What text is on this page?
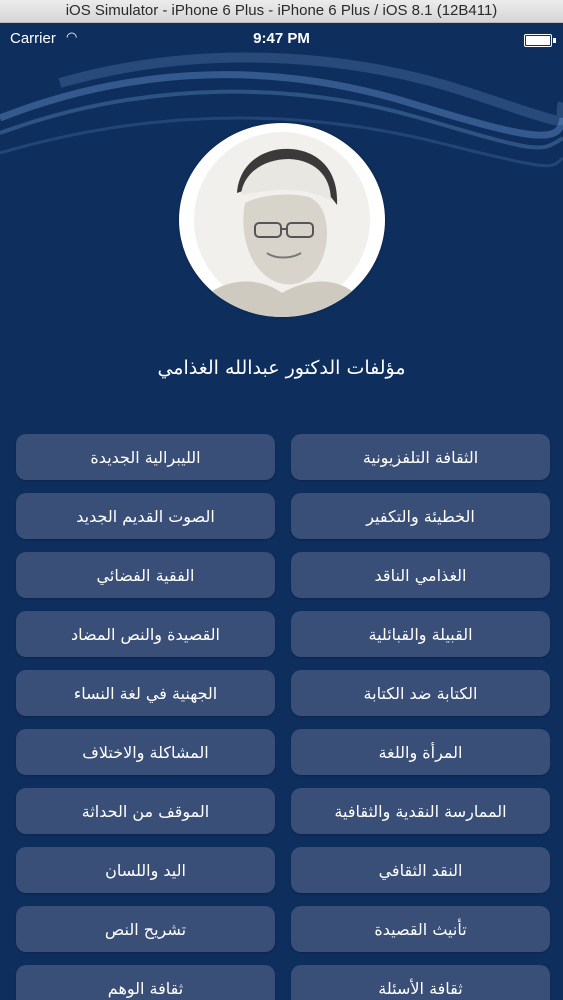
iOS Simulator - iPhone 6 Plus - iPhone 6 Plus / iOS 8.1 (12B411)
Carrier ◠	9:47 PM
مؤلفات الدكتور عبدالله الغذامي
الثقافة التلفزيونية
الليبرالية الجديدة
الخطيئة والتكفير
الصوت القديم الجديد
الغذامي الناقد
الفقية الفضائي
القبيلة والقبائلية
القصيدة والنص المضاد
الكتابة ضد الكتابة
الجهنية في لغة النساء
المرأة واللغة
المشاكلة والاختلاف
الممارسة النقدية والثقافية
الموقف من الحداثة
النقد الثقافي
اليد واللسان
تأنيث القصيدة
تشريح النص
ثقافة الأسئلة
ثقافة الوهم
